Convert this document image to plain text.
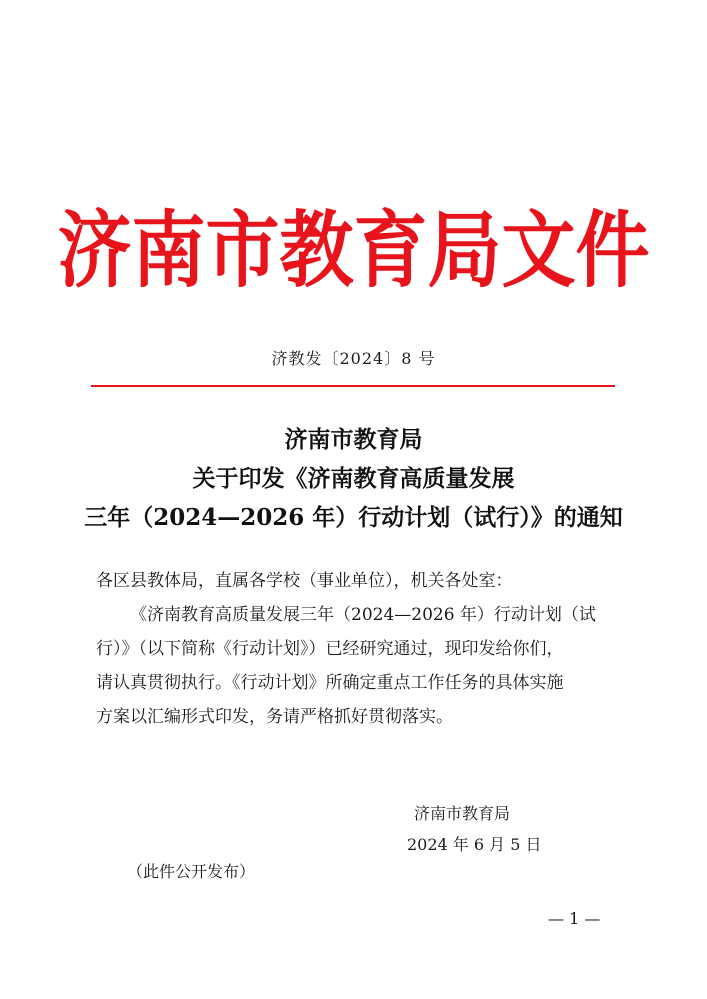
济南市教育局文件
济教发〔2024〕8 号
济南市教育局
关于印发《济南教育高质量发展
三年（2024—2026 年）行动计划（试行）》的通知
各区县教体局，直属各学校（事业单位），机关各处室：
《济南教育高质量发展三年（2024—2026 年）行动计划（试
行）》（以下简称《行动计划》）已经研究通过，现印发给你们，
请认真贯彻执行。《行动计划》所确定重点工作任务的具体实施
方案以汇编形式印发，务请严格抓好贯彻落实。
济南市教育局
2024 年 6 月 5 日
（此件公开发布）
— 1 —
